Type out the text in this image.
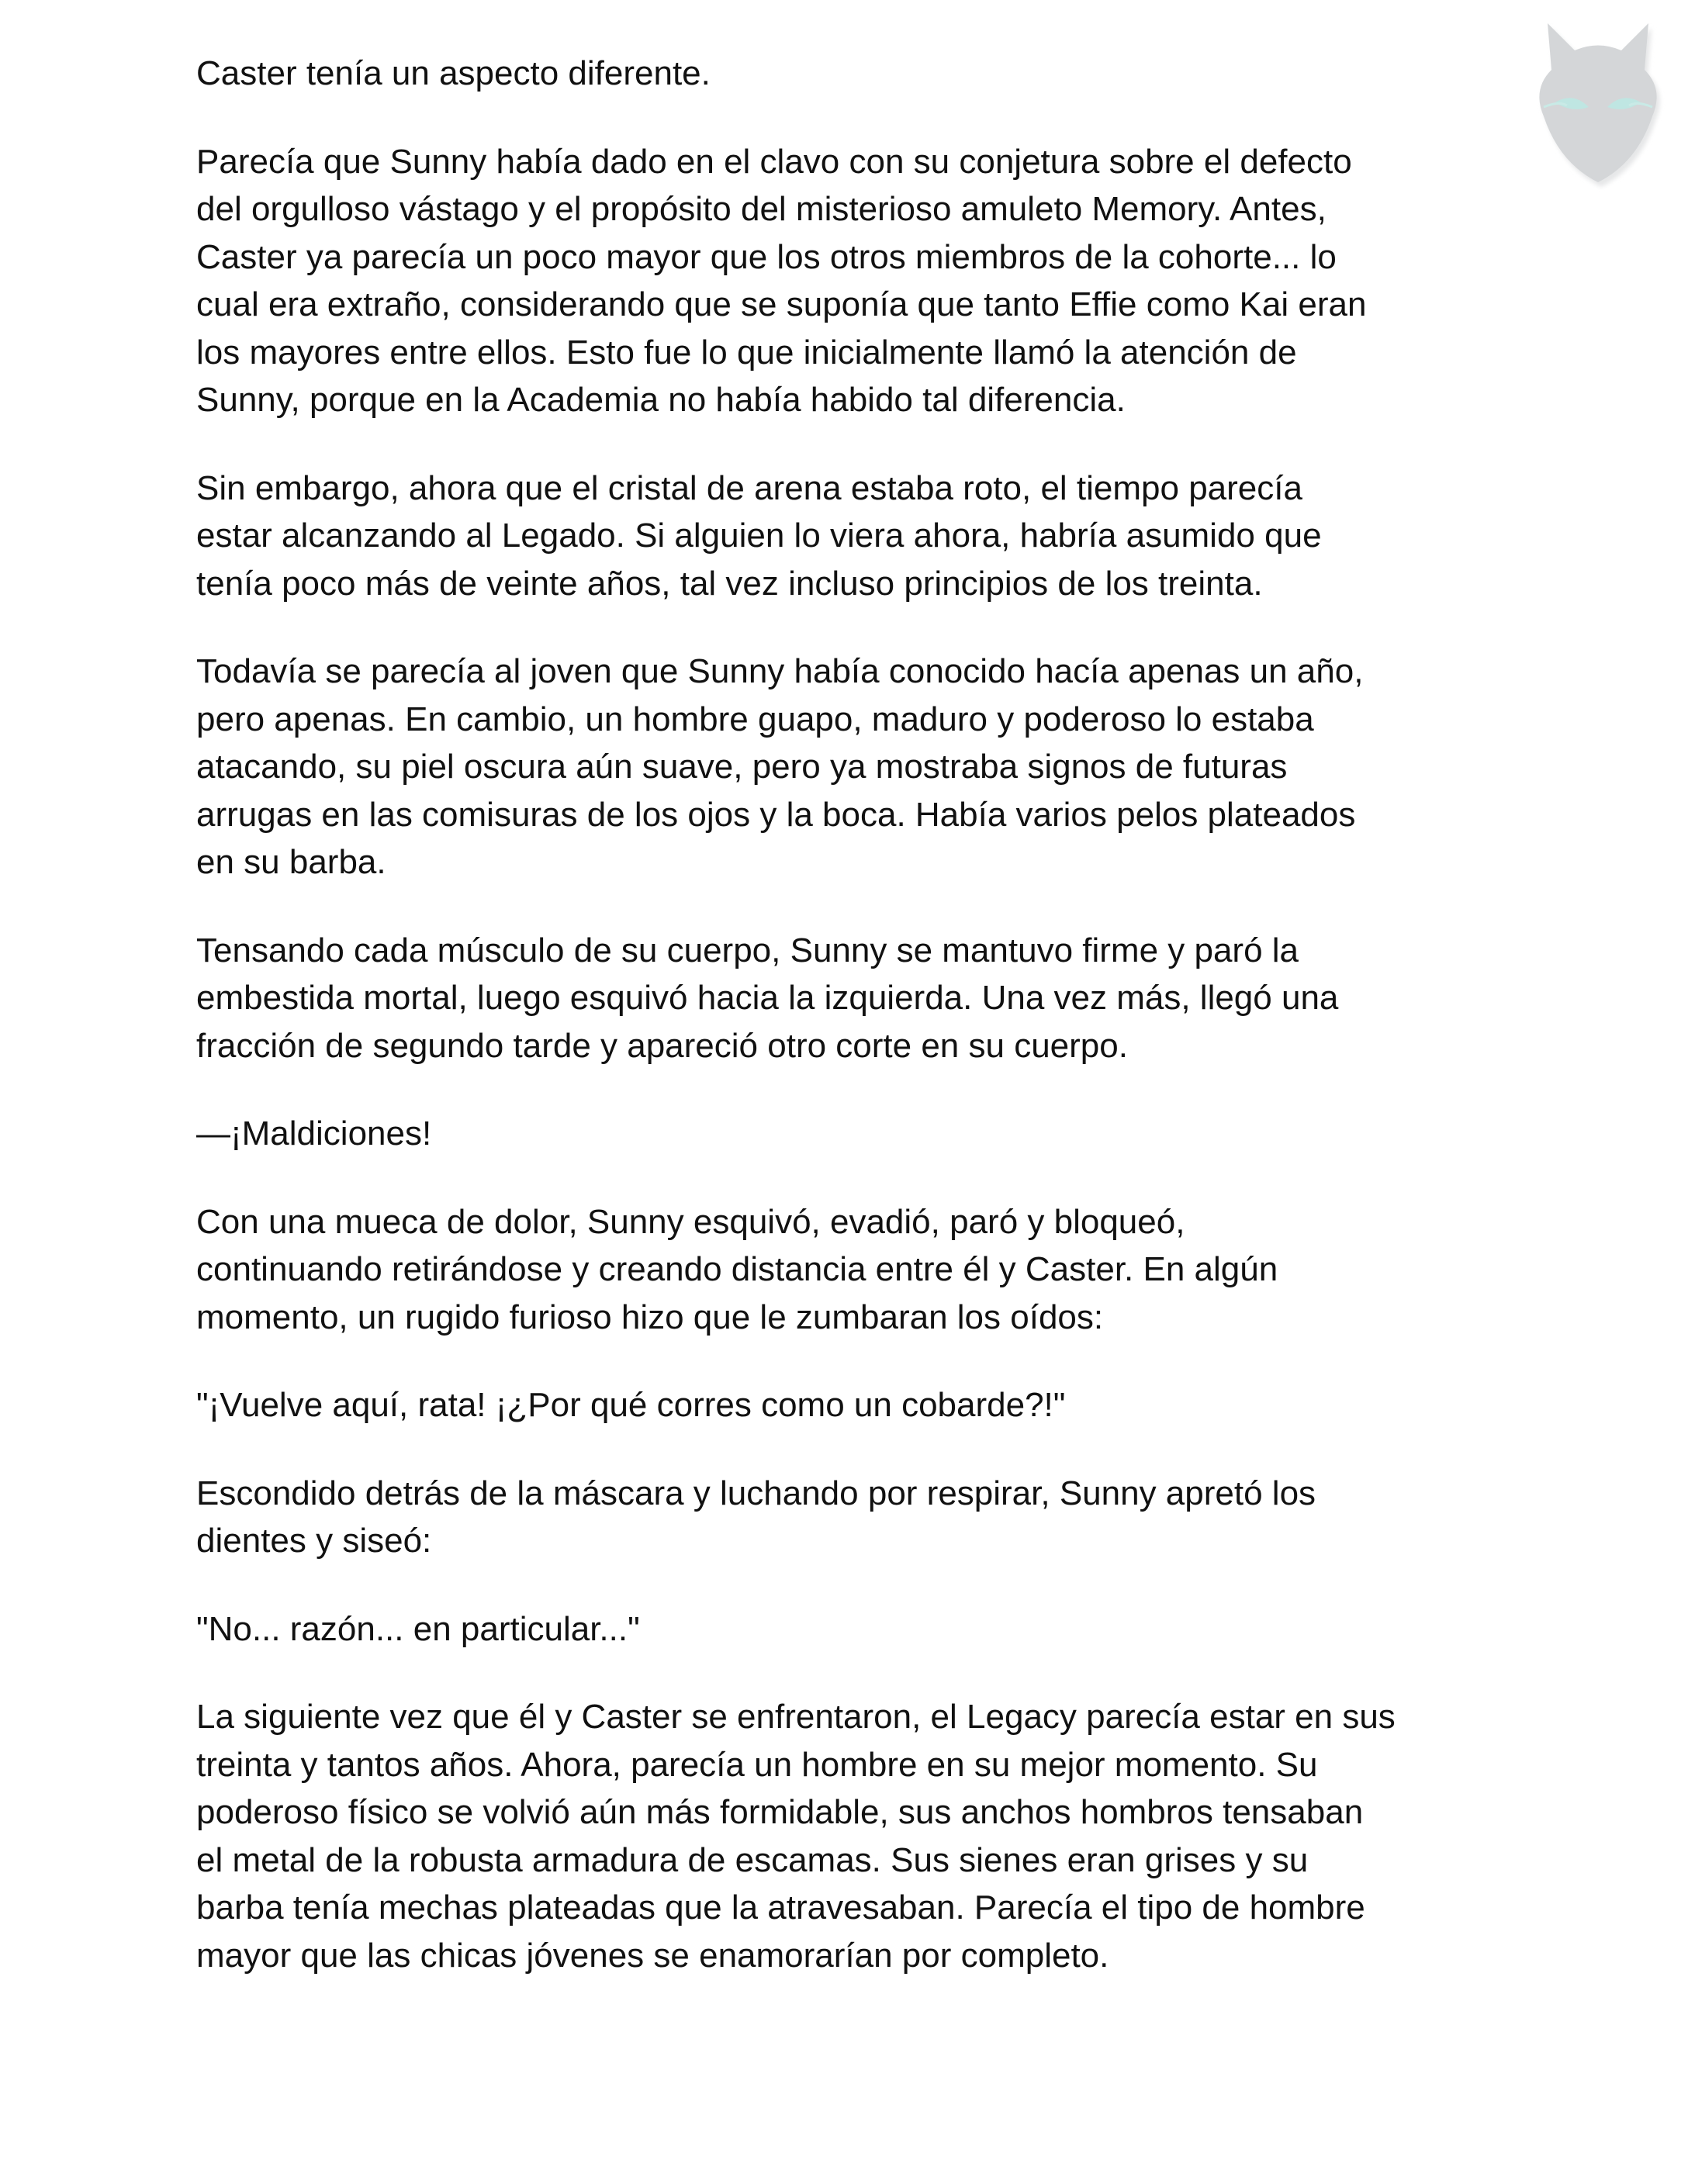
Caster tenía un aspecto diferente.

Parecía que Sunny había dado en el clavo con su conjetura sobre el defecto
del orgulloso vástago y el propósito del misterioso amuleto Memory. Antes,
Caster ya parecía un poco mayor que los otros miembros de la cohorte... lo
cual era extraño, considerando que se suponía que tanto Effie como Kai eran
los mayores entre ellos. Esto fue lo que inicialmente llamó la atención de
Sunny, porque en la Academia no había habido tal diferencia.

Sin embargo, ahora que el cristal de arena estaba roto, el tiempo parecía
estar alcanzando al Legado. Si alguien lo viera ahora, habría asumido que
tenía poco más de veinte años, tal vez incluso principios de los treinta.

Todavía se parecía al joven que Sunny había conocido hacía apenas un año,
pero apenas. En cambio, un hombre guapo, maduro y poderoso lo estaba
atacando, su piel oscura aún suave, pero ya mostraba signos de futuras
arrugas en las comisuras de los ojos y la boca. Había varios pelos plateados
en su barba.

Tensando cada músculo de su cuerpo, Sunny se mantuvo firme y paró la
embestida mortal, luego esquivó hacia la izquierda. Una vez más, llegó una
fracción de segundo tarde y apareció otro corte en su cuerpo.

—¡Maldiciones!

Con una mueca de dolor, Sunny esquivó, evadió, paró y bloqueó,
continuando retirándose y creando distancia entre él y Caster. En algún
momento, un rugido furioso hizo que le zumbaran los oídos:

"¡Vuelve aquí, rata! ¡¿Por qué corres como un cobarde?!"

Escondido detrás de la máscara y luchando por respirar, Sunny apretó los
dientes y siseó:

"No... razón... en particular..."

La siguiente vez que él y Caster se enfrentaron, el Legacy parecía estar en sus
treinta y tantos años. Ahora, parecía un hombre en su mejor momento. Su
poderoso físico se volvió aún más formidable, sus anchos hombros tensaban
el metal de la robusta armadura de escamas. Sus sienes eran grises y su
barba tenía mechas plateadas que la atravesaban. Parecía el tipo de hombre
mayor que las chicas jóvenes se enamorarían por completo.
